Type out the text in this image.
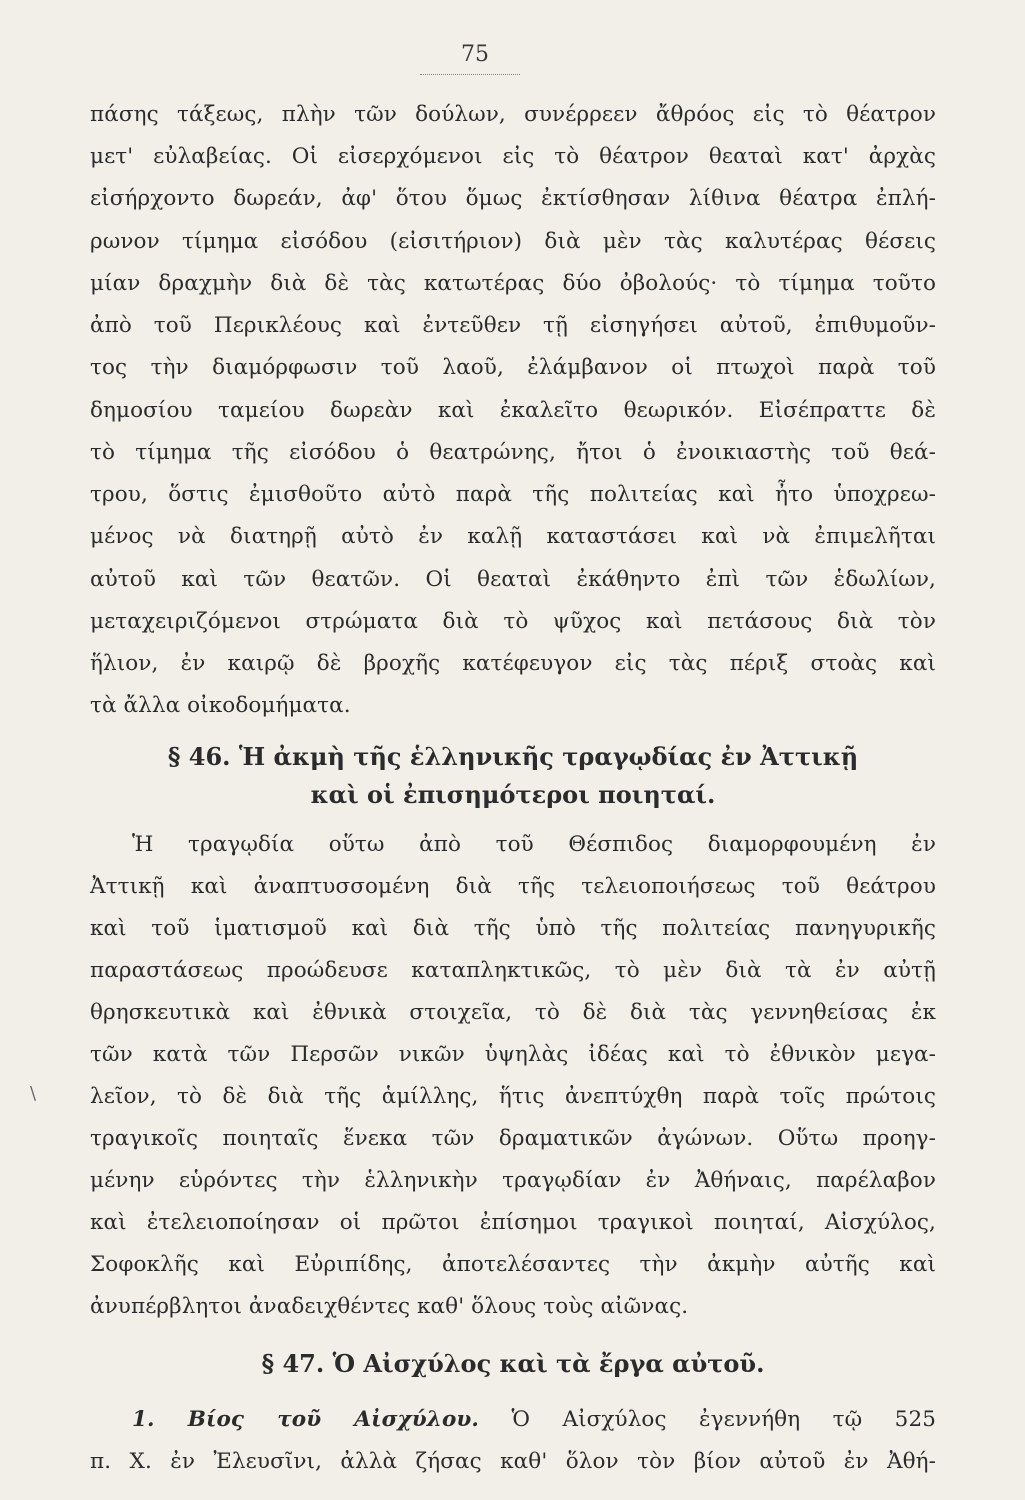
75
πάσης τάξεως, πλὴν τῶν δούλων, συνέρρεεν ἄθρόος εἰς τὸ θέατρον
μετ' εὐλαβείας. Οἱ εἰσερχόμενοι εἰς τὸ θέατρον θεαταὶ κατ' ἀρχὰς
εἰσήρχοντο δωρεάν, ἀφ' ὅτου ὅμως ἐκτίσθησαν λίθινα θέατρα ἐπλή-
ρωνον τίμημα εἰσόδου (εἰσιτήριον) διὰ μὲν τὰς καλυτέρας θέσεις
μίαν δραχμὴν διὰ δὲ τὰς κατωτέρας δύο ὀβολούς· τὸ τίμημα τοῦτο
ἀπὸ τοῦ Περικλέους καὶ ἐντεῦθεν τῇ εἰσηγήσει αὐτοῦ, ἐπιθυμοῦν-
τος τὴν διαμόρφωσιν τοῦ λαοῦ, ἐλάμβανον οἱ πτωχοὶ παρὰ τοῦ
δημοσίου ταμείου δωρεὰν καὶ ἐκαλεῖτο θεωρικόν. Εἰσέπραττε δὲ
τὸ τίμημα τῆς εἰσόδου ὁ θεατρώνης, ἤτοι ὁ ἐνοικιαστὴς τοῦ θεά-
τρου, ὅστις ἐμισθοῦτο αὐτὸ παρὰ τῆς πολιτείας καὶ ἦτο ὑποχρεω-
μένος νὰ διατηρῇ αὐτὸ ἐν καλῇ καταστάσει καὶ νὰ ἐπιμελῆται
αὐτοῦ καὶ τῶν θεατῶν. Οἱ θεαταὶ ἐκάθηντο ἐπὶ τῶν ἑδωλίων,
μεταχειριζόμενοι στρώματα διὰ τὸ ψῦχος καὶ πετάσους διὰ τὸν
ἥλιον, ἐν καιρῷ δὲ βροχῆς κατέφευγον εἰς τὰς πέριξ στοὰς καὶ
τὰ ἄλλα οἰκοδομήματα.
§ 46. Ἡ ἀκμὴ τῆς ἑλληνικῆς τραγῳδίας ἐν Ἀττικῇ
καὶ οἱ ἐπισημότεροι ποιηταί.
Ἡ τραγῳδία οὕτω ἀπὸ τοῦ Θέσπιδος διαμορφουμένη ἐν
Ἀττικῇ καὶ ἀναπτυσσομένη διὰ τῆς τελειοποιήσεως τοῦ θεάτρου
καὶ τοῦ ἱματισμοῦ καὶ διὰ τῆς ὑπὸ τῆς πολιτείας πανηγυρικῆς
παραστάσεως προώδευσε καταπληκτικῶς, τὸ μὲν διὰ τὰ ἐν αὐτῇ
θρησκευτικὰ καὶ ἐθνικὰ στοιχεῖα, τὸ δὲ διὰ τὰς γεννηθείσας ἐκ
τῶν κατὰ τῶν Περσῶν νικῶν ὑψηλὰς ἰδέας καὶ τὸ ἐθνικὸν μεγα-
λεῖον, τὸ δὲ διὰ τῆς ἁμίλλης, ἥτις ἀνεπτύχθη παρὰ τοῖς πρώτοις
τραγικοῖς ποιηταῖς ἕνεκα τῶν δραματικῶν ἀγώνων. Οὕτω προηγ-
μένην εὑρόντες τὴν ἑλληνικὴν τραγῳδίαν ἐν Ἀθήναις, παρέλαβον
καὶ ἐτελειοποίησαν οἱ πρῶτοι ἐπίσημοι τραγικοὶ ποιηταί, Αἰσχύλος,
Σοφοκλῆς καὶ Εὐριπίδης, ἀποτελέσαντες τὴν ἀκμὴν αὐτῆς καὶ
ἀνυπέρβλητοι ἀναδειχθέντες καθ' ὅλους τοὺς αἰῶνας.
§ 47. Ὁ Αἰσχύλος καὶ τὰ ἔργα αὐτοῦ.
1. Βίος τοῦ Αἰσχύλου. Ὁ Αἰσχύλος ἐγεννήθη τῷ 525
π. Χ. ἐν Ἐλευσῖνι, ἀλλὰ ζήσας καθ' ὅλον τὸν βίον αὐτοῦ ἐν Ἀθή-
\
